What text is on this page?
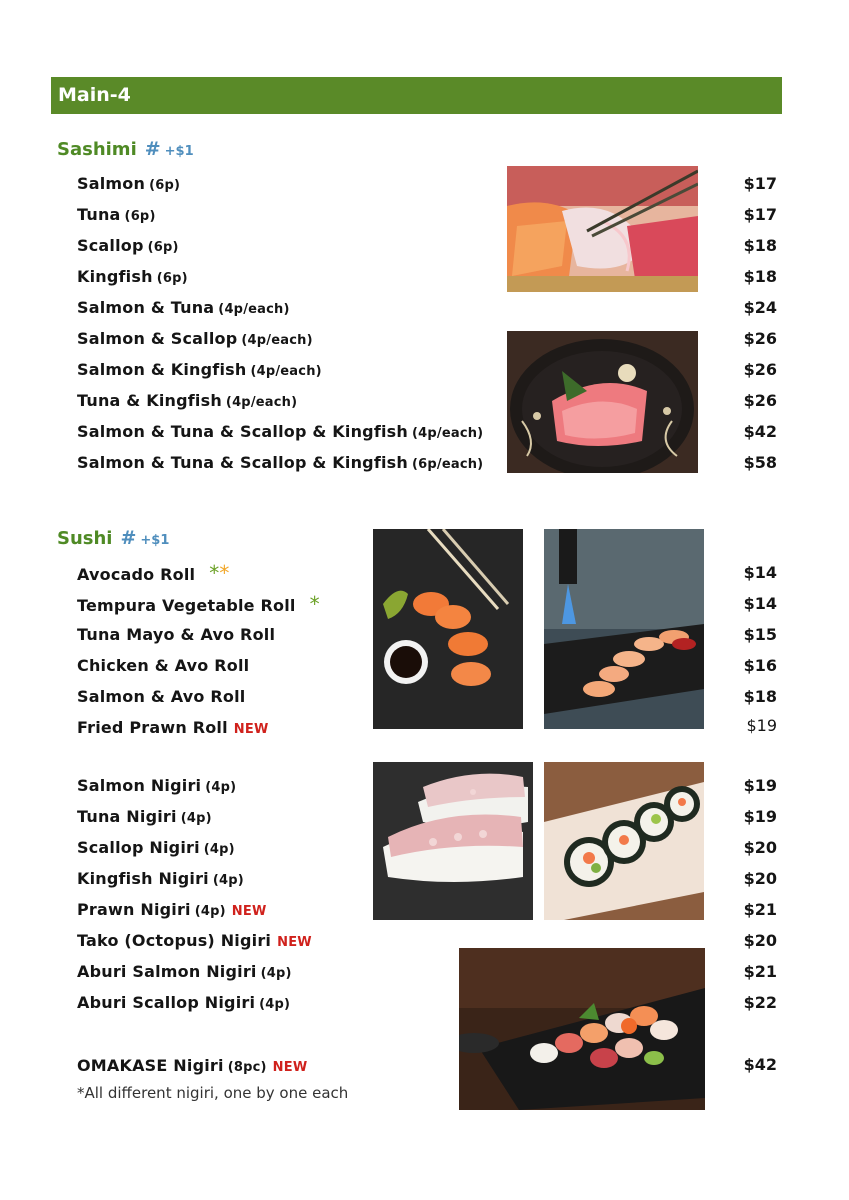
Main-4
Sashimi # +$1
Salmon (6p)	$17
Tuna (6p)	$17
Scallop (6p)	$18
Kingfish (6p)	$18
Salmon & Tuna (4p/each)	$24
Salmon & Scallop (4p/each)	$26
Salmon & Kingfish (4p/each)	$26
Tuna & Kingfish (4p/each)	$26
Salmon & Tuna & Scallop & Kingfish (4p/each)	$42
Salmon & Tuna & Scallop & Kingfish (6p/each)	$58
Sushi # +$1
Avocado Roll **	$14
Tempura Vegetable Roll *	$14
Tuna Mayo & Avo Roll	$15
Chicken & Avo Roll	$16
Salmon & Avo Roll	$18
Fried Prawn Roll NEW	$19
Salmon Nigiri (4p)	$19
Tuna Nigiri (4p)	$19
Scallop Nigiri (4p)	$20
Kingfish Nigiri (4p)	$20
Prawn Nigiri (4p) NEW	$21
Tako (Octopus) Nigiri NEW	$20
Aburi Salmon Nigiri (4p)	$21
Aburi Scallop Nigiri (4p)	$22
OMAKASE Nigiri (8pc) NEW	$42
*All different nigiri, one by one each
